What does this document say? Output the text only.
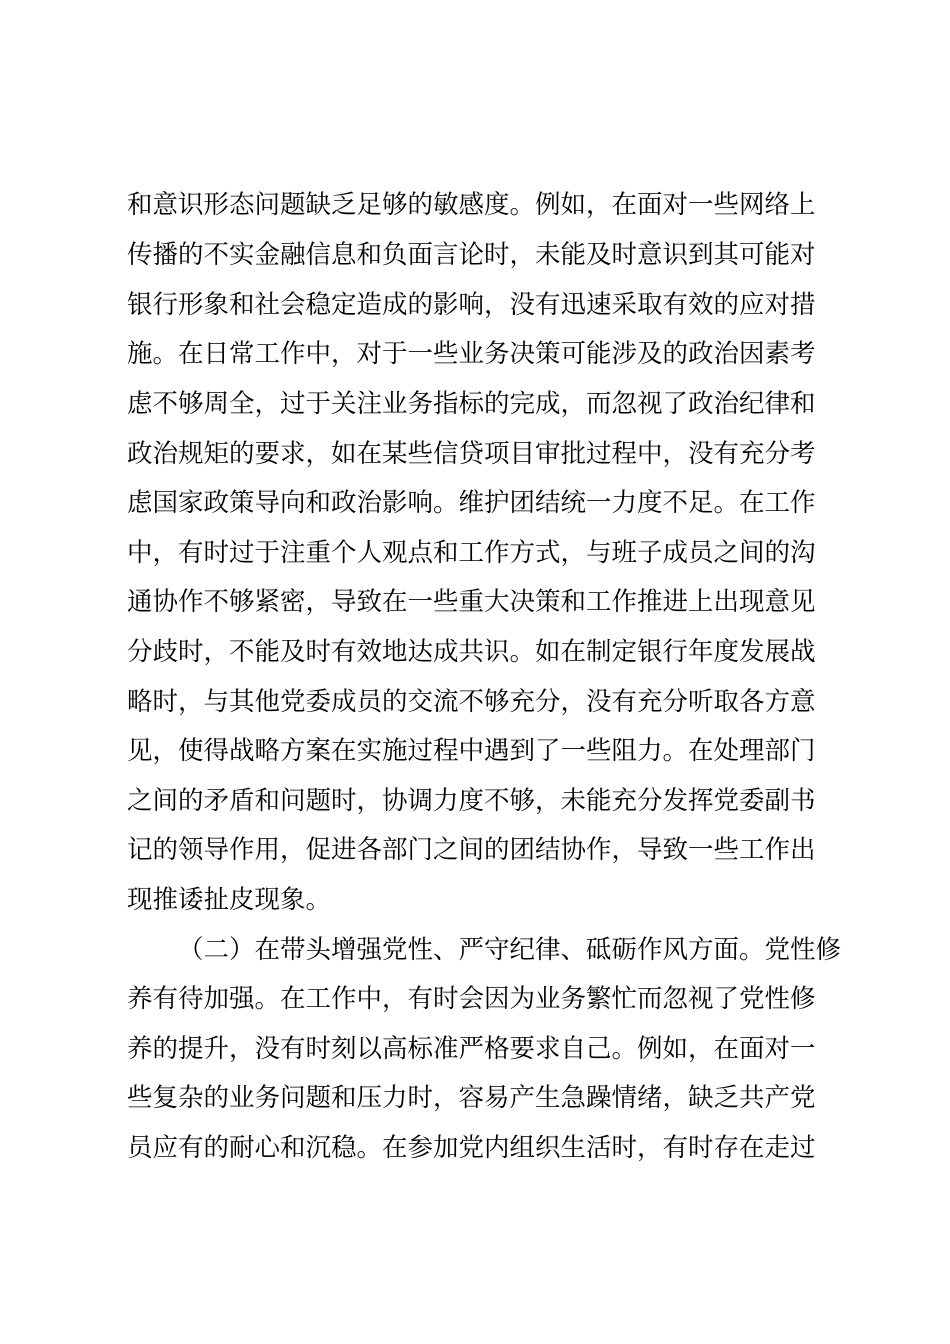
和意识形态问题缺乏足够的敏感度。例如，在面对一些网络上
传播的不实金融信息和负面言论时，未能及时意识到其可能对
银行形象和社会稳定造成的影响，没有迅速采取有效的应对措
施。在日常工作中，对于一些业务决策可能涉及的政治因素考
虑不够周全，过于关注业务指标的完成，而忽视了政治纪律和
政治规矩的要求，如在某些信贷项目审批过程中，没有充分考
虑国家政策导向和政治影响。维护团结统一力度不足。在工作
中，有时过于注重个人观点和工作方式，与班子成员之间的沟
通协作不够紧密，导致在一些重大决策和工作推进上出现意见
分歧时，不能及时有效地达成共识。如在制定银行年度发展战
略时，与其他党委成员的交流不够充分，没有充分听取各方意
见，使得战略方案在实施过程中遇到了一些阻力。在处理部门
之间的矛盾和问题时，协调力度不够，未能充分发挥党委副书
记的领导作用，促进各部门之间的团结协作，导致一些工作出
现推诿扯皮现象。
（二）在带头增强党性、严守纪律、砥砺作风方面。党性修
养有待加强。在工作中，有时会因为业务繁忙而忽视了党性修
养的提升，没有时刻以高标准严格要求自己。例如，在面对一
些复杂的业务问题和压力时，容易产生急躁情绪，缺乏共产党
员应有的耐心和沉稳。在参加党内组织生活时，有时存在走过
